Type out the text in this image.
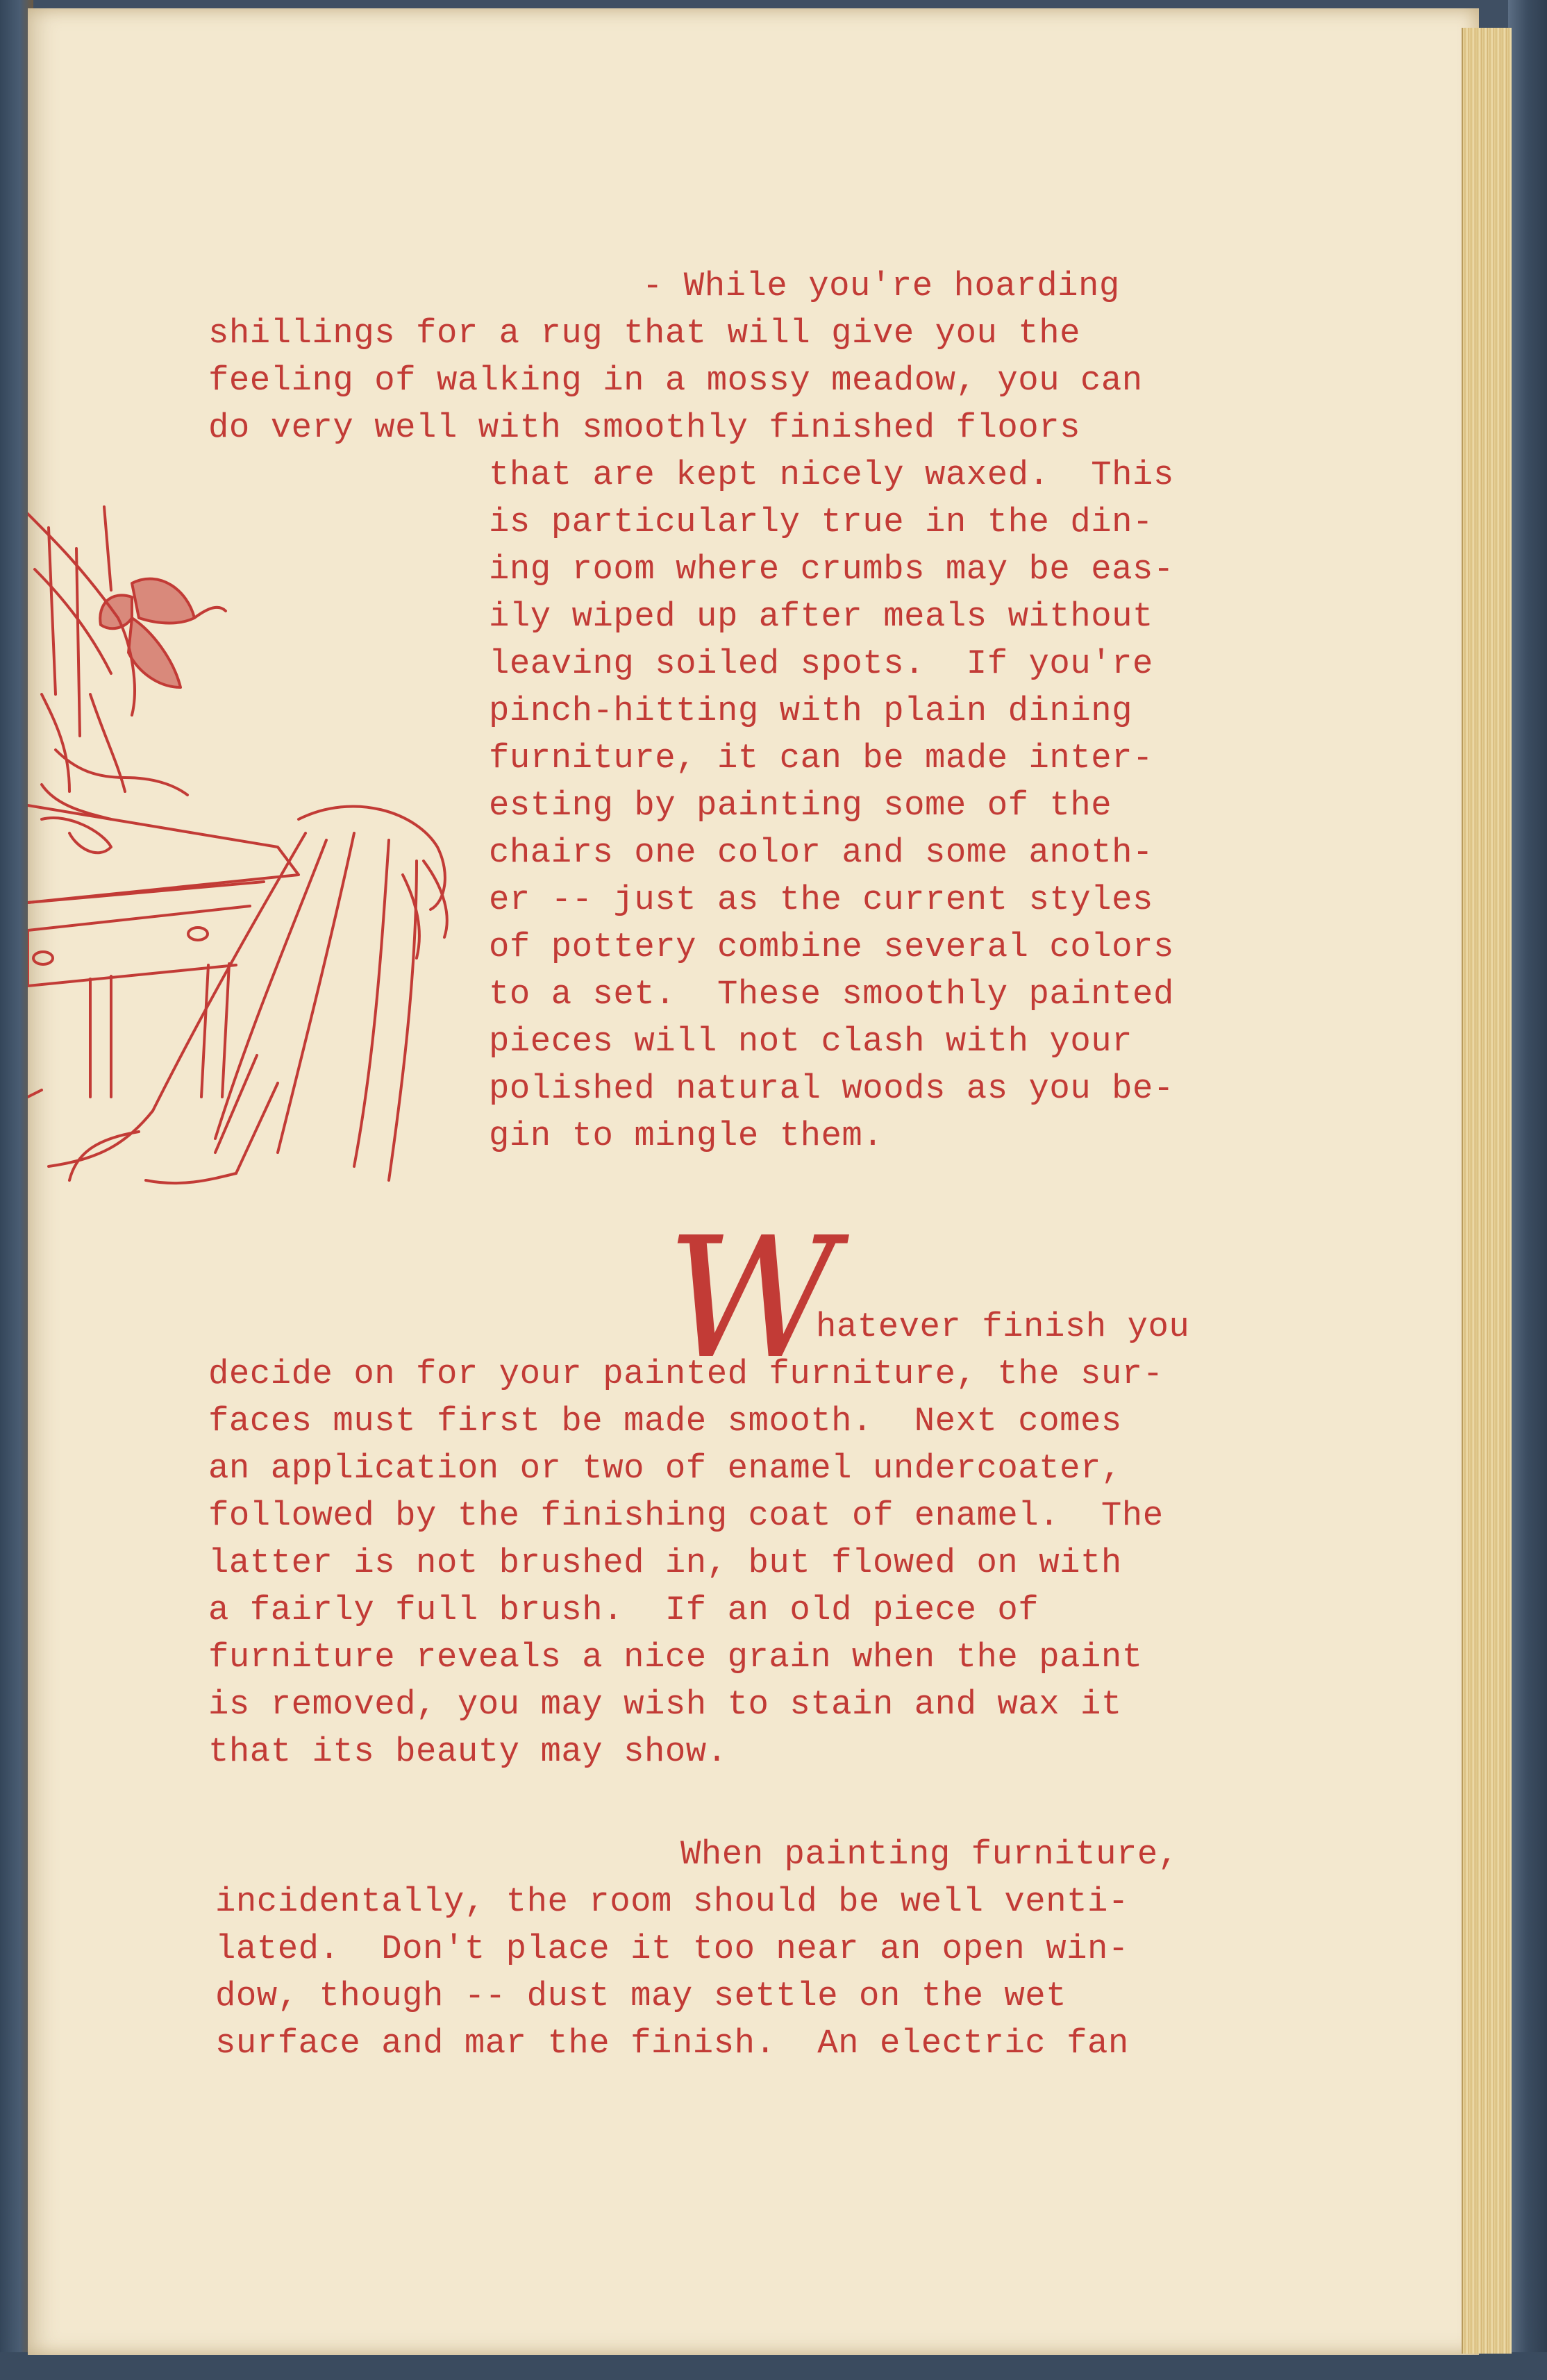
- While you're hoarding
shillings for a rug that will give you the
feeling of walking in a mossy meadow, you can
do very well with smoothly finished floors
that are kept nicely waxed.  This
is particularly true in the din-
ing room where crumbs may be eas-
ily wiped up after meals without
leaving soiled spots.  If you're
pinch-hitting with plain dining
furniture, it can be made inter-
esting by painting some of the
chairs one color and some anoth-
er -- just as the current styles
of pottery combine several colors
to a set.  These smoothly painted
pieces will not clash with your
polished natural woods as you be-
gin to mingle them.
W
hatever finish you
decide on for your painted furniture, the sur-
faces must first be made smooth.  Next comes
an application or two of enamel undercoater,
followed by the finishing coat of enamel.  The
latter is not brushed in, but flowed on with
a fairly full brush.  If an old piece of
furniture reveals a nice grain when the paint
is removed, you may wish to stain and wax it
that its beauty may show.
When painting furniture,
incidentally, the room should be well venti-
lated.  Don't place it too near an open win-
dow, though -- dust may settle on the wet
surface and mar the finish.  An electric fan
